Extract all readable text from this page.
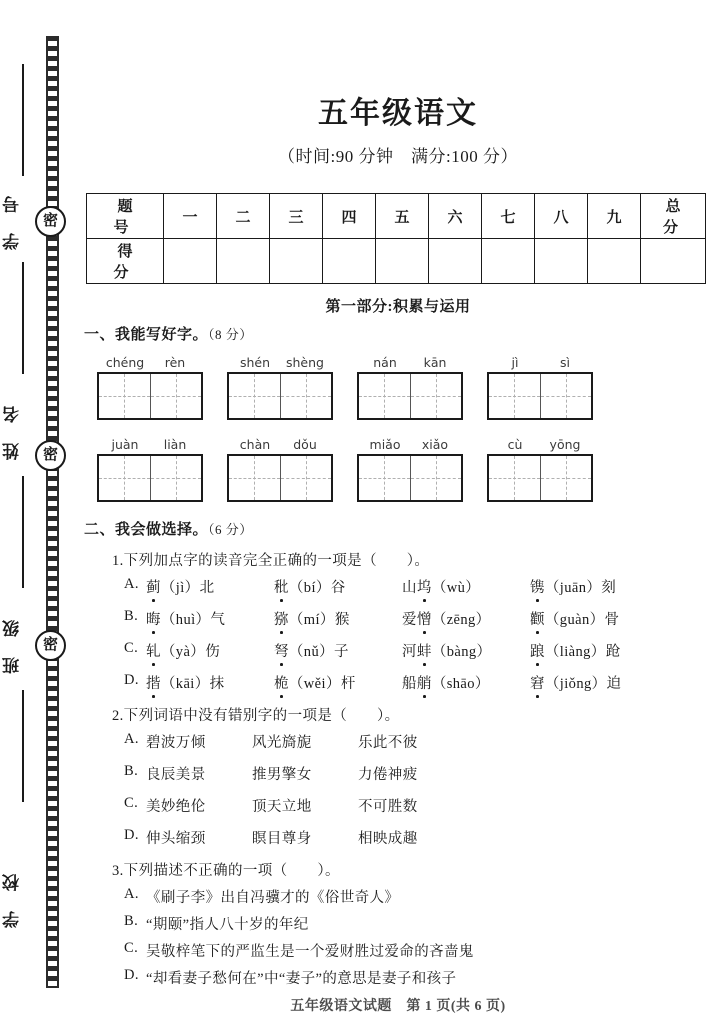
学 号	密
姓 名	密
班 级	密
学 校
五年级语文
（时间:90 分钟　满分:100 分）
题　号	一	二	三	四	五	六	七	八	九	总　分
得　分										
第一部分:积累与运用
一、我能写好字。（8 分）
chéng	rèn	shén	shèng	nán	kān	jì	sì
juàn	liàn	chàn	dǒu	miǎo	xiǎo	cù	yōng
二、我会做选择。（6 分）
1.下列加点字的读音完全正确的一项是（　　）。
A. 蓟（jì）北	秕（bí）谷	山坞（wù）	镌（juān）刻
B. 晦（huì）气	猕（mí）猴	爱憎（zēng）	颧（guàn）骨
C. 轧（yà）伤	弩（nǔ）子	河蚌（bàng）	踉（liàng）跄
D. 揩（kāi）抹	桅（wěi）杆	船艄（shāo）	窘（jiǒng）迫
2.下列词语中没有错别字的一项是（　　）。
A. 碧波万倾	风光旖旎	乐此不彼
B. 良辰美景	推男擎女	力倦神疲
C. 美妙绝伦	顶天立地	不可胜数
D. 伸头缩颈	瞑目尊身	相映成趣
3.下列描述不正确的一项（　　）。
A. 《刷子李》出自冯骥才的《俗世奇人》
B. “期颐”指人八十岁的年纪
C. 吴敬梓笔下的严监生是一个爱财胜过爱命的吝啬鬼
D. “却看妻子愁何在”中“妻子”的意思是妻子和孩子
五年级语文试题　第 1 页(共 6 页)
